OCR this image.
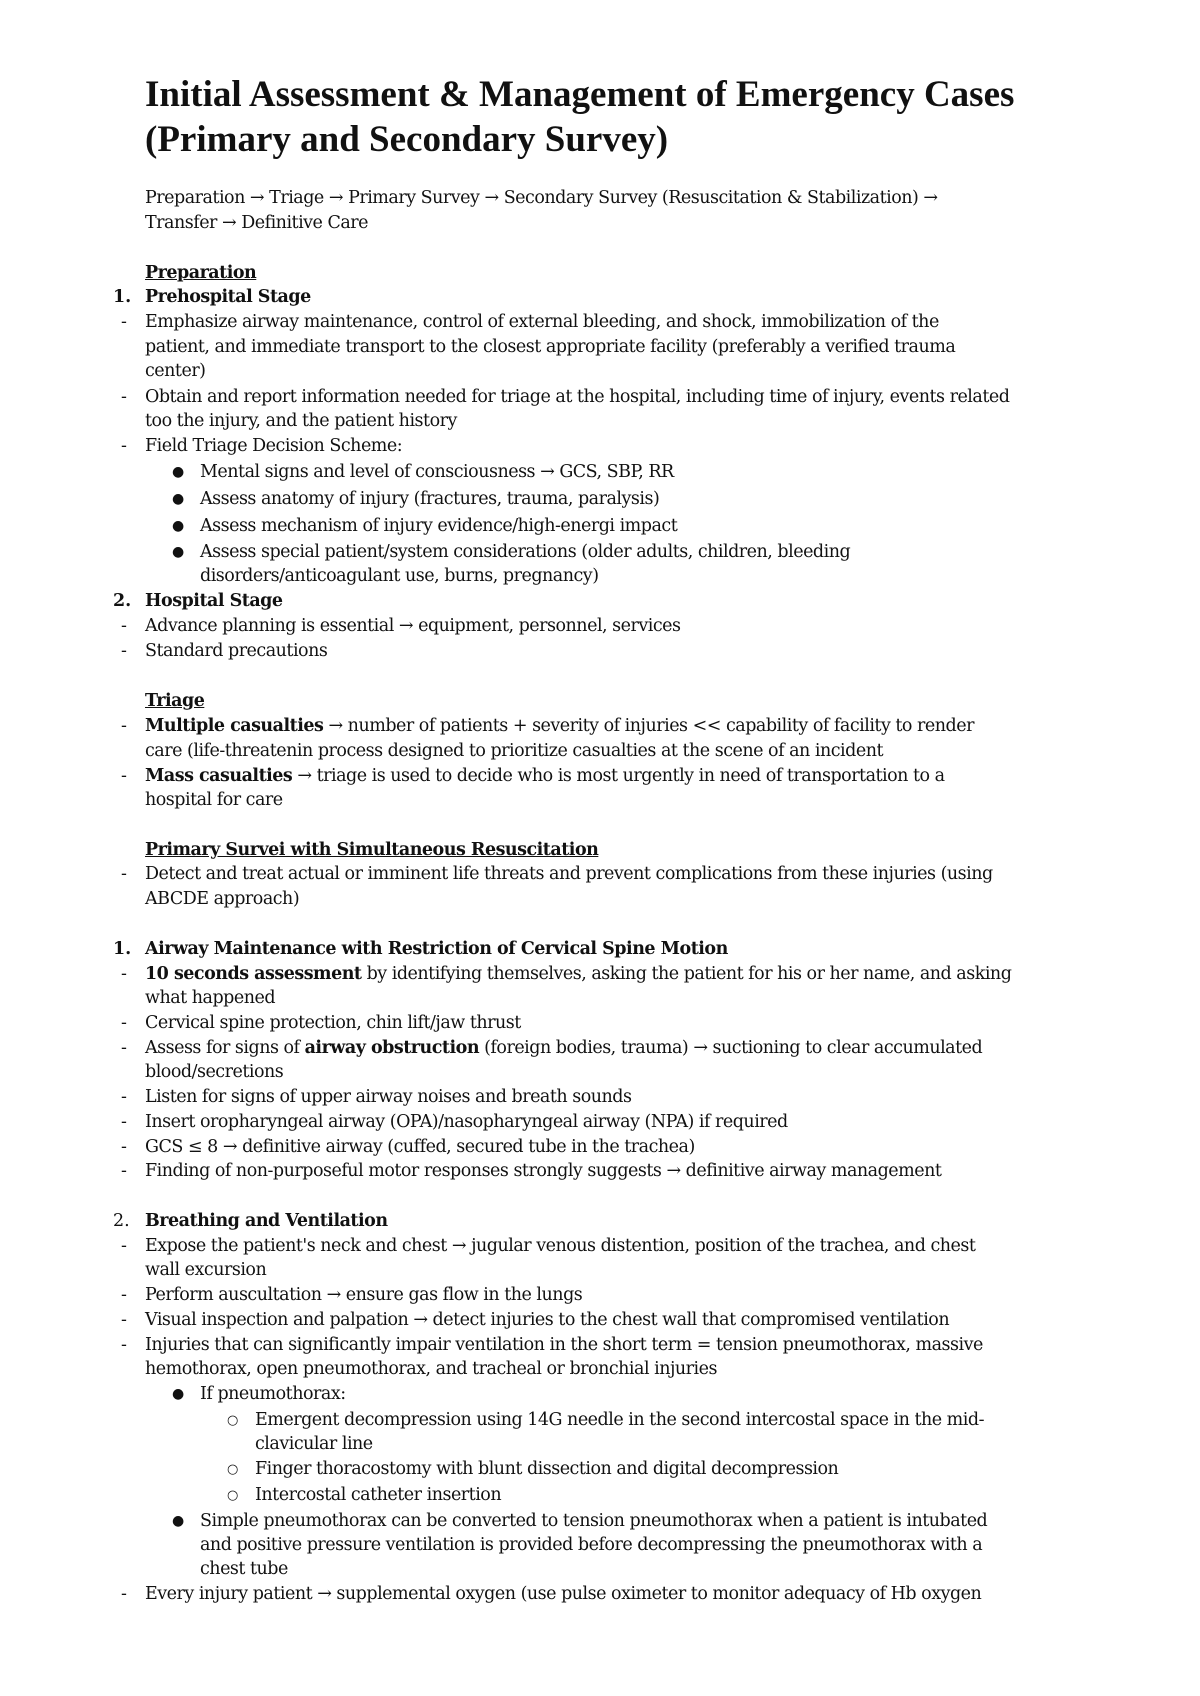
Initial Assessment & Management of Emergency Cases
(Primary and Secondary Survey)
Preparation → Triage → Primary Survey → Secondary Survey (Resuscitation & Stabilization) →
Transfer → Definitive Care
Preparation
1. Prehospital Stage
- Emphasize airway maintenance, control of external bleeding, and shock, immobilization of the
patient, and immediate transport to the closest appropriate facility (preferably a verified trauma
center)
- Obtain and report information needed for triage at the hospital, including time of injury, events related
too the injury, and the patient history
- Field Triage Decision Scheme:
● Mental signs and level of consciousness → GCS, SBP, RR
● Assess anatomy of injury (fractures, trauma, paralysis)
● Assess mechanism of injury evidence/high-energi impact
● Assess special patient/system considerations (older adults, children, bleeding
disorders/anticoagulant use, burns, pregnancy)
2. Hospital Stage
- Advance planning is essential → equipment, personnel, services
- Standard precautions
Triage
- Multiple casualties → number of patients + severity of injuries << capability of facility to render
care (life-threatenin process designed to prioritize casualties at the scene of an incident
- Mass casualties → triage is used to decide who is most urgently in need of transportation to a
hospital for care
Primary Survei with Simultaneous Resuscitation
- Detect and treat actual or imminent life threats and prevent complications from these injuries (using
ABCDE approach)
1. Airway Maintenance with Restriction of Cervical Spine Motion
- 10 seconds assessment by identifying themselves, asking the patient for his or her name, and asking
what happened
- Cervical spine protection, chin lift/jaw thrust
- Assess for signs of airway obstruction (foreign bodies, trauma) → suctioning to clear accumulated
blood/secretions
- Listen for signs of upper airway noises and breath sounds
- Insert oropharyngeal airway (OPA)/nasopharyngeal airway (NPA) if required
- GCS ≤ 8 → definitive airway (cuffed, secured tube in the trachea)
- Finding of non-purposeful motor responses strongly suggests → definitive airway management
2. Breathing and Ventilation
- Expose the patient's neck and chest → jugular venous distention, position of the trachea, and chest
wall excursion
- Perform auscultation → ensure gas flow in the lungs
- Visual inspection and palpation → detect injuries to the chest wall that compromised ventilation
- Injuries that can significantly impair ventilation in the short term = tension pneumothorax, massive
hemothorax, open pneumothorax, and tracheal or bronchial injuries
● If pneumothorax:
○ Emergent decompression using 14G needle in the second intercostal space in the mid-
clavicular line
○ Finger thoracostomy with blunt dissection and digital decompression
○ Intercostal catheter insertion
● Simple pneumothorax can be converted to tension pneumothorax when a patient is intubated
and positive pressure ventilation is provided before decompressing the pneumothorax with a
chest tube
- Every injury patient → supplemental oxygen (use pulse oximeter to monitor adequacy of Hb oxygen
